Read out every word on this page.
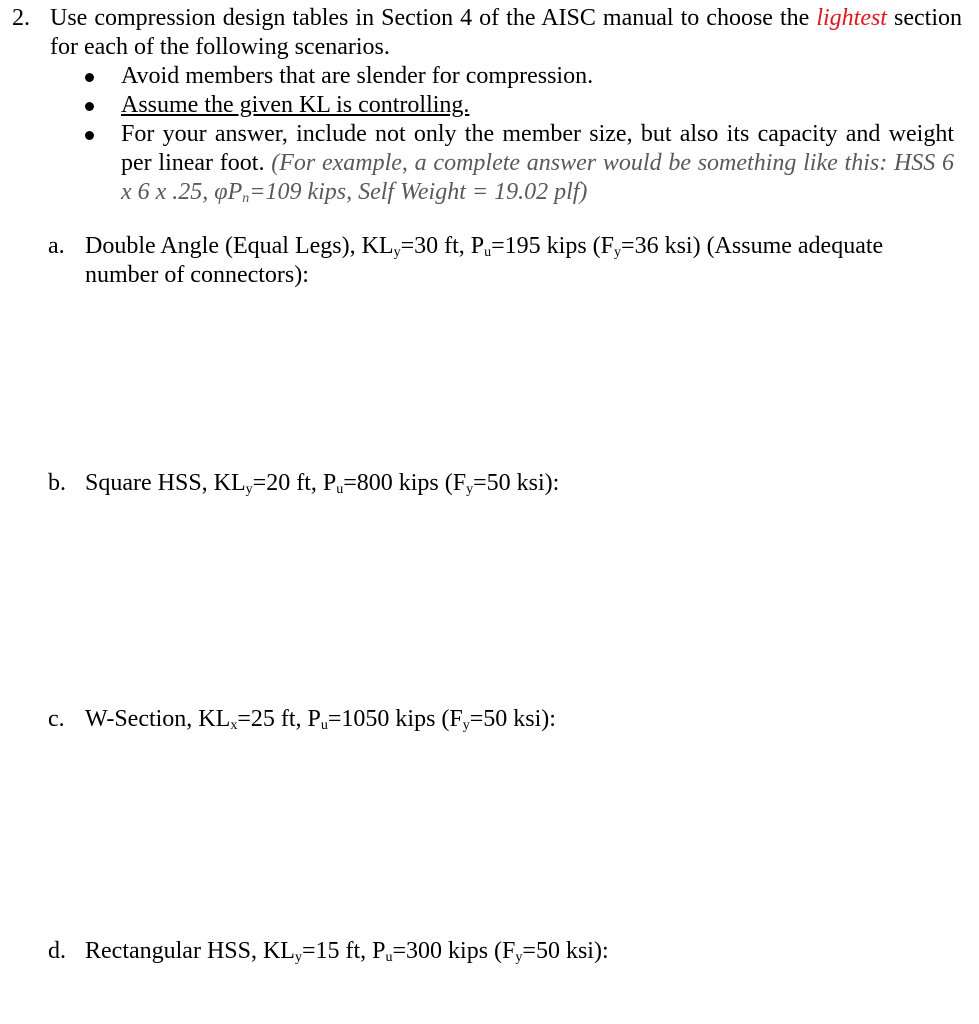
2. Use compression design tables in Section 4 of the AISC manual to choose the lightest section for each of the following scenarios.
Avoid members that are slender for compression.
Assume the given KL is controlling.
For your answer, include not only the member size, but also its capacity and weight per linear foot. (For example, a complete answer would be something like this: HSS 6 x 6 x .25, $\varphi P_n=109$ kips, Self Weight = 19.02 plf)
a. Double Angle (Equal Legs), $KL_y=30$ ft, $P_u=195$ kips ($F_y=36$ ksi) (Assume adequate number of connectors):
b. Square HSS, $KL_y=20$ ft, $P_u=800$ kips ($F_y=50$ ksi):
c. W-Section, $KL_x=25$ ft, $P_u=1050$ kips ($F_y=50$ ksi):
d. Rectangular HSS, $KL_y=15$ ft, $P_u=300$ kips ($F_y=50$ ksi):
